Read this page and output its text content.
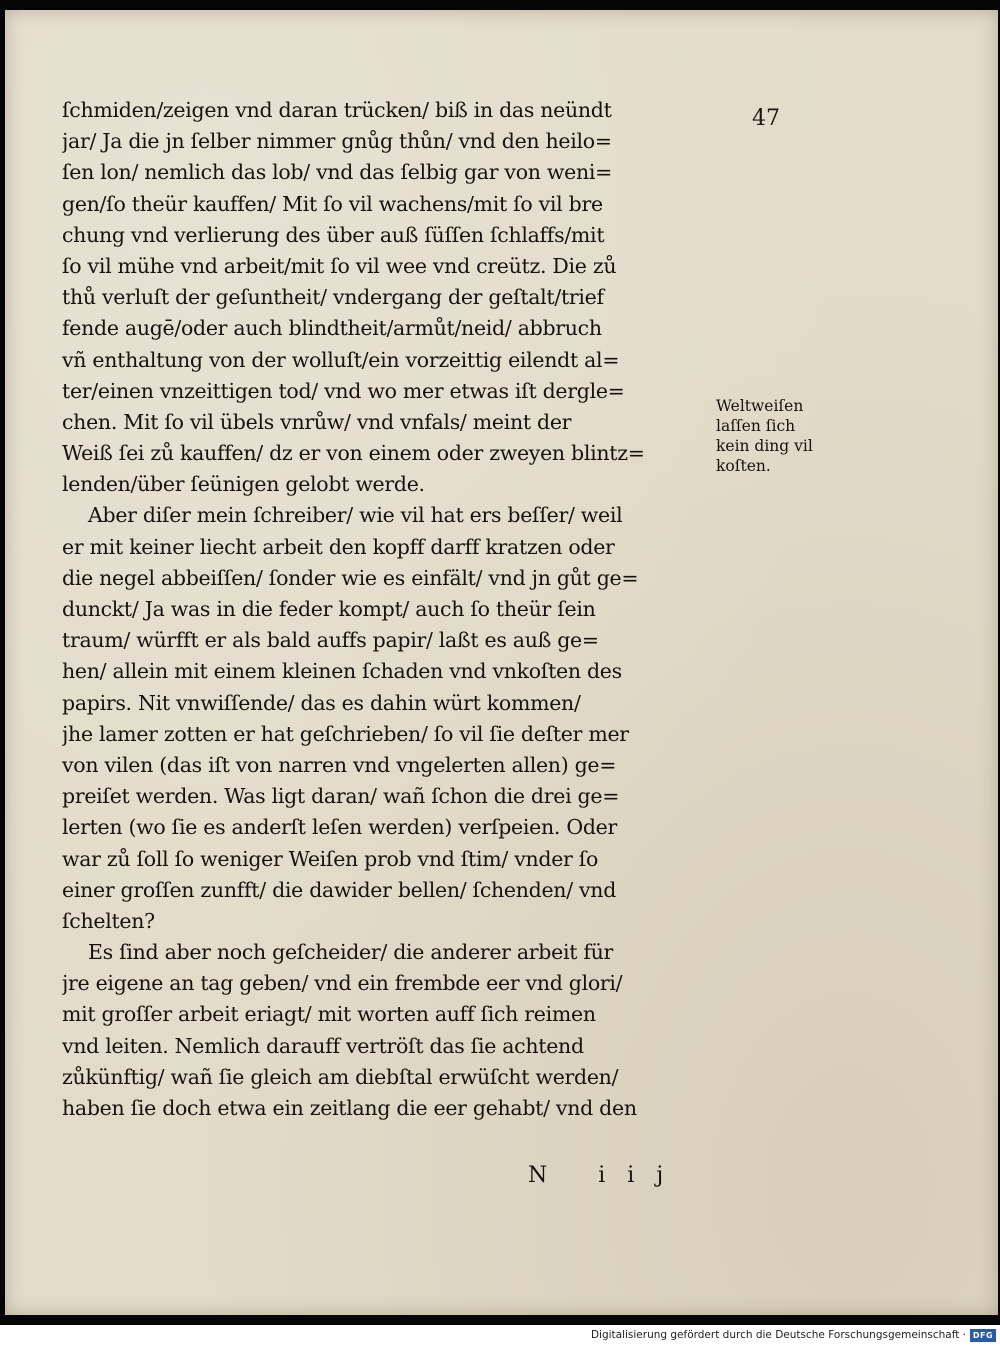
47
ſchmiden/zeigen vnd daran trücken/ biß in das neündt
jar/ Ja die jn ſelber nimmer gnůg thůn/ vnd den heilo=
ſen lon/ nemlich das lob/ vnd das ſelbig gar von weni=
gen/ſo theür kauffen/ Mit ſo vil wachens/mit ſo vil bre
chung vnd verlierung des über auß ſüſſen ſchlaffs/mit
ſo vil mühe vnd arbeit/mit ſo vil wee vnd creütz. Die zů
thů verluſt der geſuntheit/ vndergang der geſtalt/trief
fende augē/oder auch blindtheit/armůt/neid/ abbruch
vñ enthaltung von der wolluſt/ein vorzeittig eilendt al=
ter/einen vnzeittigen tod/ vnd wo mer etwas iſt dergle=
chen. Mit ſo vil übels vnrůw/ vnd vnfals/ meint der
Weiß ſei zů kauffen/ dz er von einem oder zweyen blintz=
lenden/über ſeünigen gelobt werde.
Aber diſer mein ſchreiber/ wie vil hat ers beſſer/ weil
er mit keiner liecht arbeit den kopff darff kratzen oder
die negel abbeiſſen/ ſonder wie es einfält/ vnd jn gůt ge=
dunckt/ Ja was in die feder kompt/ auch ſo theür ſein
traum/ würfft er als bald auffs papir/ laßt es auß ge=
hen/ allein mit einem kleinen ſchaden vnd vnkoſten des
papirs. Nit vnwiſſende/ das es dahin würt kommen/
jhe lamer zotten er hat geſchrieben/ ſo vil ſie deſter mer
von vilen (das iſt von narren vnd vngelerten allen) ge=
preiſet werden. Was ligt daran/ wañ ſchon die drei ge=
lerten (wo ſie es anderſt leſen werden) verſpeien. Oder
war zů ſoll ſo weniger Weiſen prob vnd ſtim/ vnder ſo
einer groſſen zunfft/ die dawider bellen/ ſchenden/ vnd
ſchelten?
Es ſind aber noch geſcheider/ die anderer arbeit für
jre eigene an tag geben/ vnd ein frembde eer vnd glori/
mit groſſer arbeit eriagt/ mit worten auff ſich reimen
vnd leiten. Nemlich darauff vertröſt das ſie achtend
zůkünftig/ wañ ſie gleich am diebſtal erwüſcht werden/
haben ſie doch etwa ein zeitlang die eer gehabt/ vnd den
Weltweiſen
laſſen ſich
kein ding vil
koſten.
N iij
Digitalisierung gefördert durch die Deutsche Forschungsgemeinschaft · DFG
